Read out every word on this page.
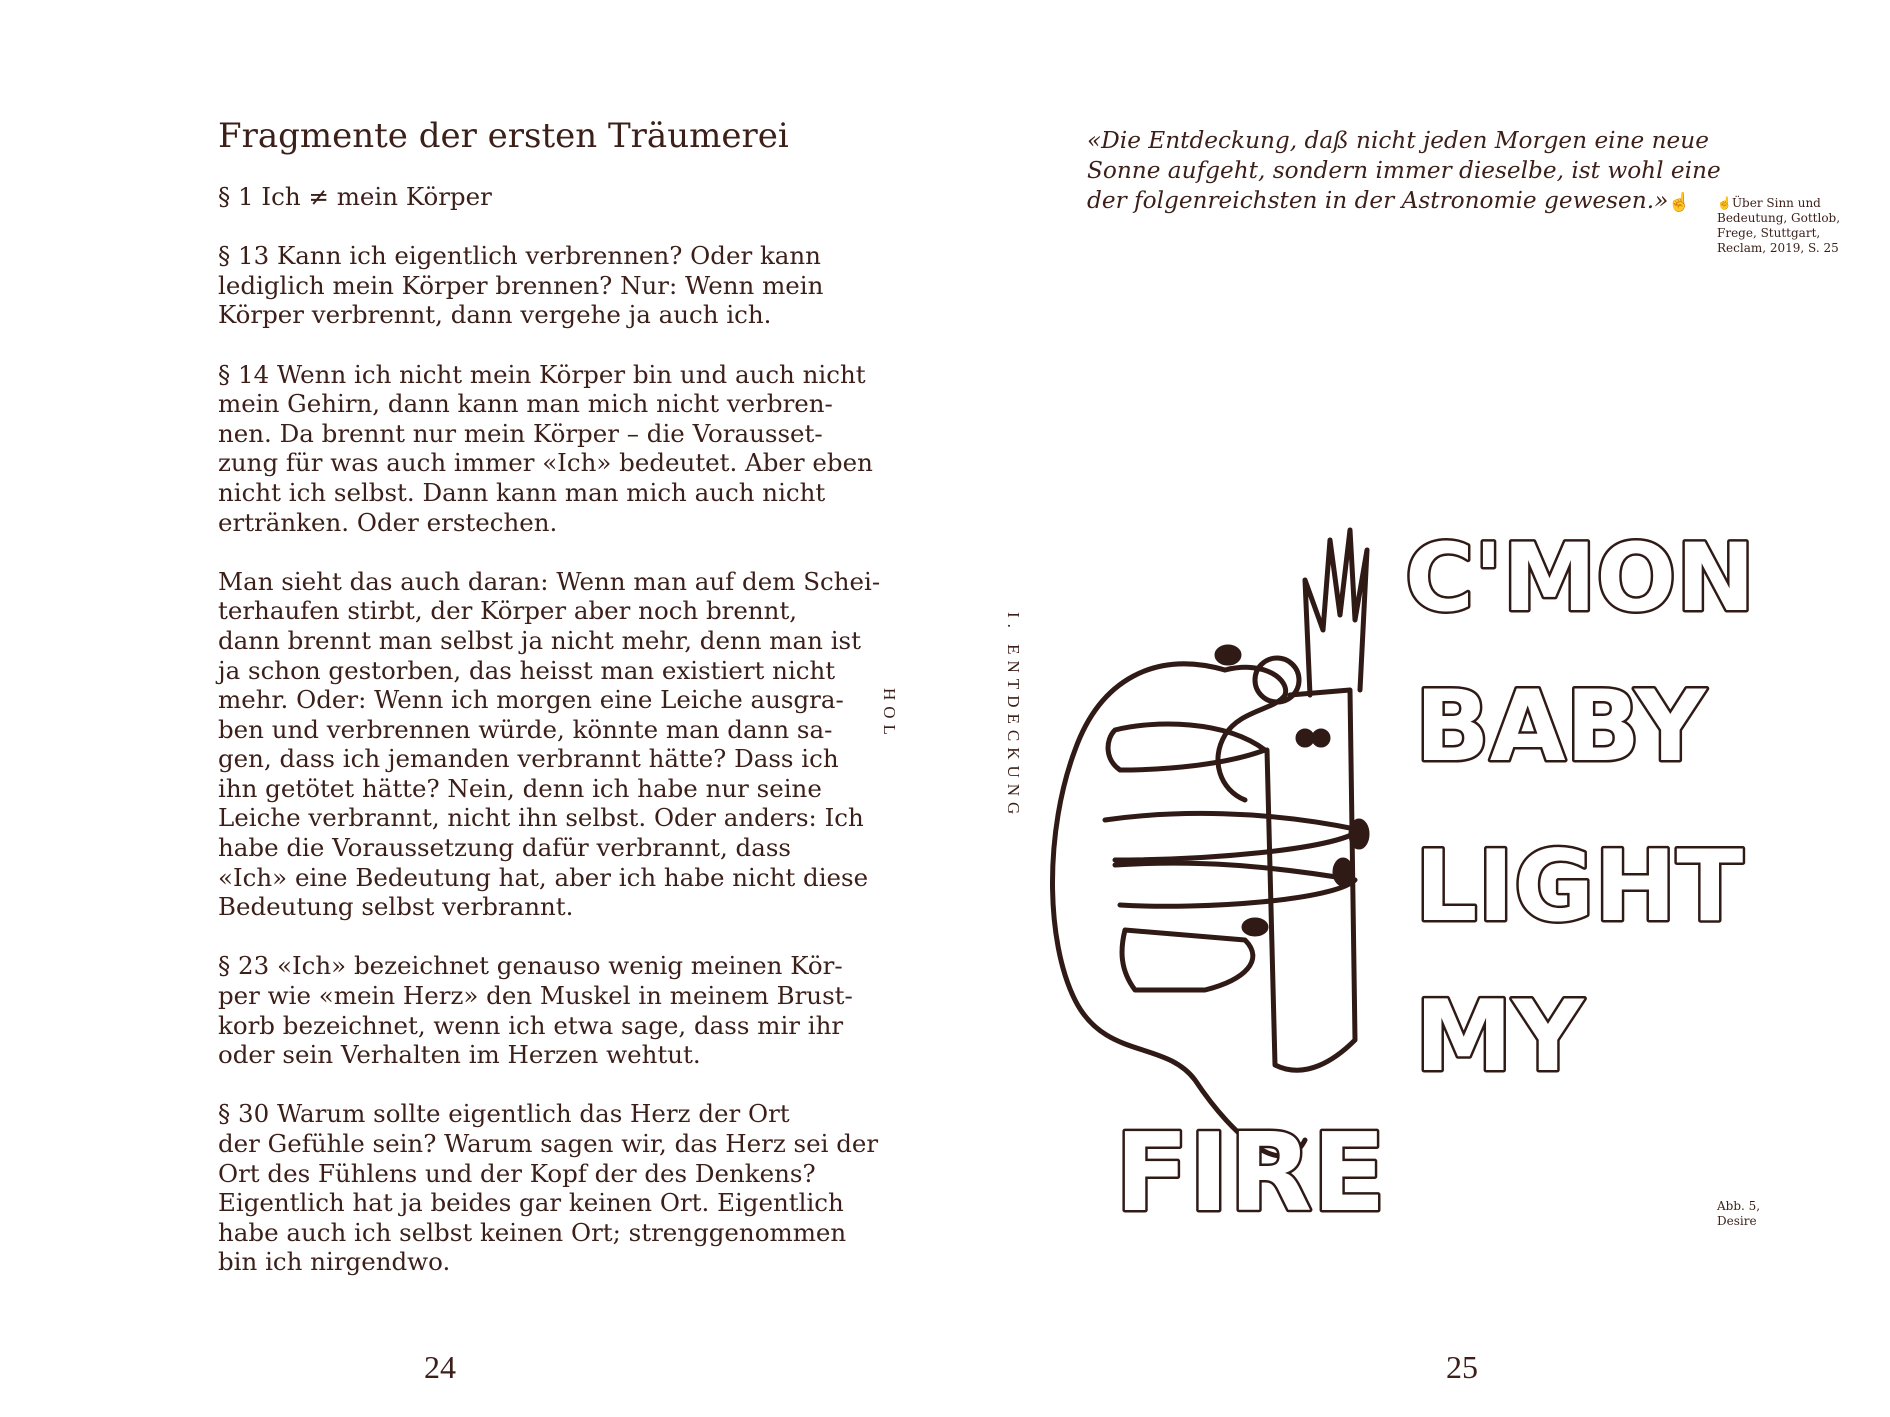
Fragmente der ersten Träumerei

§ 1 Ich ≠ mein Körper

§ 13 Kann ich eigentlich verbrennen? Oder kann
lediglich mein Körper brennen? Nur: Wenn mein
Körper verbrennt, dann vergehe ja auch ich.

§ 14 Wenn ich nicht mein Körper bin und auch nicht
mein Gehirn, dann kann man mich nicht verbren-
nen. Da brennt nur mein Körper – die Vorausset-
zung für was auch immer «Ich» bedeutet. Aber eben
nicht ich selbst. Dann kann man mich auch nicht
ertränken. Oder erstechen.

Man sieht das auch daran: Wenn man auf dem Schei-
terhaufen stirbt, der Körper aber noch brennt,
dann brennt man selbst ja nicht mehr, denn man ist
ja schon gestorben, das heisst man existiert nicht
mehr. Oder: Wenn ich morgen eine Leiche ausgra-
ben und verbrennen würde, könnte man dann sa-
gen, dass ich jemanden verbrannt hätte? Dass ich
ihn getötet hätte? Nein, denn ich habe nur seine
Leiche verbrannt, nicht ihn selbst. Oder anders: Ich
habe die Voraussetzung dafür verbrannt, dass
«Ich» eine Bedeutung hat, aber ich habe nicht diese
Bedeutung selbst verbrannt.

§ 23 «Ich» bezeichnet genauso wenig meinen Kör-
per wie «mein Herz» den Muskel in meinem Brust-
korb bezeichnet, wenn ich etwa sage, dass mir ihr
oder sein Verhalten im Herzen wehtut.

§ 30 Warum sollte eigentlich das Herz der Ort
der Gefühle sein? Warum sagen wir, das Herz sei der
Ort des Fühlens und der Kopf der des Denkens?
Eigentlich hat ja beides gar keinen Ort. Eigentlich
habe auch ich selbst keinen Ort; strenggenommen
bin ich nirgendwo.

HOL
24
I. ENTDECKUNG
«Die Entdeckung, daß nicht jeden Morgen eine neue
Sonne aufgeht, sondern immer dieselbe, ist wohl eine
der folgenreichsten in der Astronomie gewesen.»☝	☝Über Sinn und
Bedeutung, Gottlob,
Frege, Stuttgart,
Reclam, 2019, S. 25
C'MON
BABY
LIGHT
MY
FIRE	Abb. 5,
Desire
25
